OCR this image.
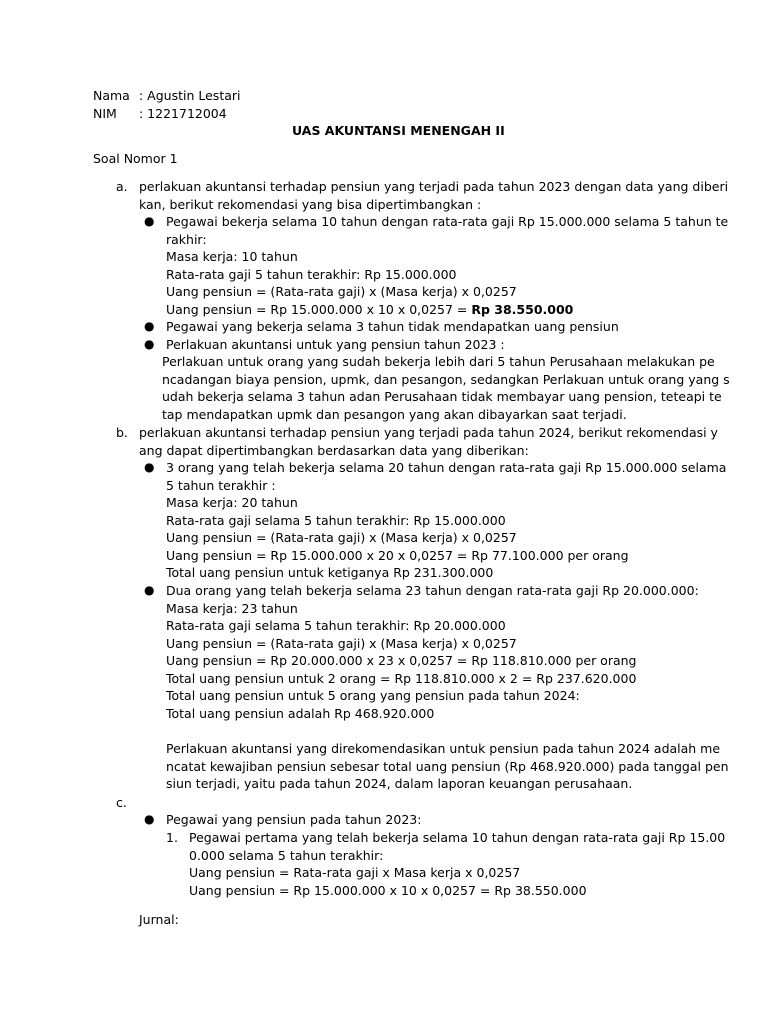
Nama : Agustin Lestari
NIM : 1221712004
UAS AKUNTANSI MENENGAH II
Soal Nomor 1
a. perlakuan akuntansi terhadap pensiun yang terjadi pada tahun 2023 dengan data yang diberi
kan, berikut rekomendasi yang bisa dipertimbangkan :
● Pegawai bekerja selama 10 tahun dengan rata-rata gaji Rp 15.000.000 selama 5 tahun te
rakhir:
Masa kerja: 10 tahun
Rata-rata gaji 5 tahun terakhir: Rp 15.000.000
Uang pensiun = (Rata-rata gaji) x (Masa kerja) x 0,0257
Uang pensiun = Rp 15.000.000 x 10 x 0,0257 = Rp 38.550.000
● Pegawai yang bekerja selama 3 tahun tidak mendapatkan uang pensiun
● Perlakuan akuntansi untuk yang pensiun tahun 2023 :
Perlakuan untuk orang yang sudah bekerja lebih dari 5 tahun Perusahaan melakukan pe
ncadangan biaya pension, upmk, dan pesangon, sedangkan Perlakuan untuk orang yang s
udah bekerja selama 3 tahun adan Perusahaan tidak membayar uang pension, teteapi te
tap mendapatkan upmk dan pesangon yang akan dibayarkan saat terjadi.
b. perlakuan akuntansi terhadap pensiun yang terjadi pada tahun 2024, berikut rekomendasi y
ang dapat dipertimbangkan berdasarkan data yang diberikan:
● 3 orang yang telah bekerja selama 20 tahun dengan rata-rata gaji Rp 15.000.000 selama
5 tahun terakhir :
Masa kerja: 20 tahun
Rata-rata gaji selama 5 tahun terakhir: Rp 15.000.000
Uang pensiun = (Rata-rata gaji) x (Masa kerja) x 0,0257
Uang pensiun = Rp 15.000.000 x 20 x 0,0257 = Rp 77.100.000 per orang
Total uang pensiun untuk ketiganya Rp 231.300.000
● Dua orang yang telah bekerja selama 23 tahun dengan rata-rata gaji Rp 20.000.000:
Masa kerja: 23 tahun
Rata-rata gaji selama 5 tahun terakhir: Rp 20.000.000
Uang pensiun = (Rata-rata gaji) x (Masa kerja) x 0,0257
Uang pensiun = Rp 20.000.000 x 23 x 0,0257 = Rp 118.810.000 per orang
Total uang pensiun untuk 2 orang = Rp 118.810.000 x 2 = Rp 237.620.000
Total uang pensiun untuk 5 orang yang pensiun pada tahun 2024:
Total uang pensiun adalah Rp 468.920.000
Perlakuan akuntansi yang direkomendasikan untuk pensiun pada tahun 2024 adalah me
ncatat kewajiban pensiun sebesar total uang pensiun (Rp 468.920.000) pada tanggal pen
siun terjadi, yaitu pada tahun 2024, dalam laporan keuangan perusahaan.
c.
● Pegawai yang pensiun pada tahun 2023:
1. Pegawai pertama yang telah bekerja selama 10 tahun dengan rata-rata gaji Rp 15.00
0.000 selama 5 tahun terakhir:
Uang pensiun = Rata-rata gaji x Masa kerja x 0,0257
Uang pensiun = Rp 15.000.000 x 10 x 0,0257 = Rp 38.550.000
Jurnal:
